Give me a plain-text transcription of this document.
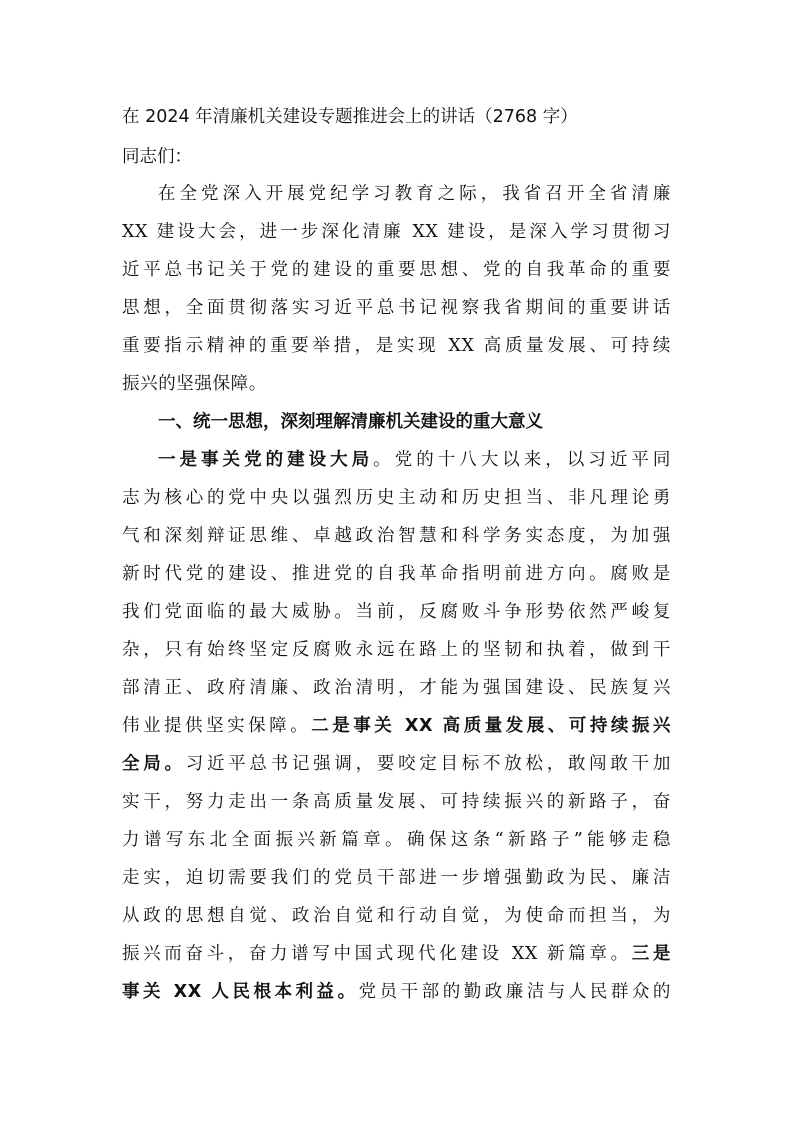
在 2024 年清廉机关建设专题推进会上的讲话（2768 字）
同志们：
在全党深入开展党纪学习教育之际，我省召开全省清廉
XX 建设大会，进一步深化清廉 XX 建设，是深入学习贯彻习
近平总书记关于党的建设的重要思想、党的自我革命的重要
思想，全面贯彻落实习近平总书记视察我省期间的重要讲话
重要指示精神的重要举措，是实现 XX 高质量发展、可持续
振兴的坚强保障。
一、统一思想，深刻理解清廉机关建设的重大意义
一是事关党的建设大局。党的十八大以来，以习近平同
志为核心的党中央以强烈历史主动和历史担当、非凡理论勇
气和深刻辩证思维、卓越政治智慧和科学务实态度，为加强
新时代党的建设、推进党的自我革命指明前进方向。腐败是
我们党面临的最大威胁。当前，反腐败斗争形势依然严峻复
杂，只有始终坚定反腐败永远在路上的坚韧和执着，做到干
部清正、政府清廉、政治清明，才能为强国建设、民族复兴
伟业提供坚实保障。二是事关 XX 高质量发展、可持续振兴
全局。习近平总书记强调，要咬定目标不放松，敢闯敢干加
实干，努力走出一条高质量发展、可持续振兴的新路子，奋
力谱写东北全面振兴新篇章。确保这条“新路子”能够走稳
走实，迫切需要我们的党员干部进一步增强勤政为民、廉洁
从政的思想自觉、政治自觉和行动自觉，为使命而担当，为
振兴而奋斗，奋力谱写中国式现代化建设 XX 新篇章。三是
事关 XX 人民根本利益。党员干部的勤政廉洁与人民群众的
